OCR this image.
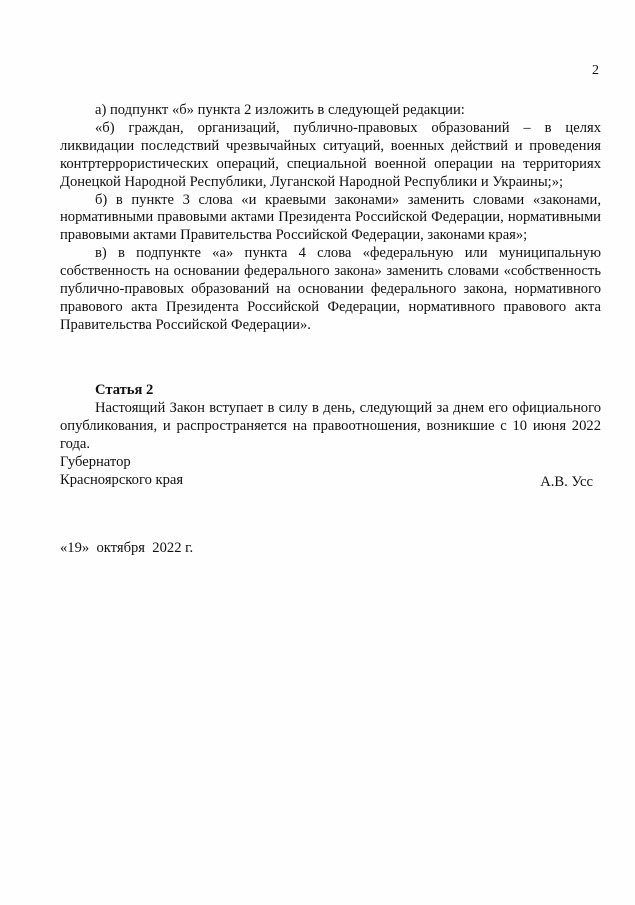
2

а) подпункт «б» пункта 2 изложить в следующей редакции:

«б) граждан, организаций, публично-правовых образований – в целях ликвидации последствий чрезвычайных ситуаций, военных действий и проведения контртеррористических операций, специальной военной операции на территориях Донецкой Народной Республики, Луганской Народной Республики и Украины;»;

б) в пункте 3 слова «и краевыми законами» заменить словами «законами, нормативными правовыми актами Президента Российской Федерации, нормативными правовыми актами Правительства Российской Федерации, законами края»;

в) в подпункте «а» пункта 4 слова «федеральную или муниципальную собственность на основании федерального закона» заменить словами «собственность публично-правовых образований на основании федерального закона, нормативного правового акта Президента Российской Федерации, нормативного правового акта Правительства Российской Федерации».

Статья 2

Настоящий Закон вступает в силу в день, следующий за днем его официального опубликования, и распространяется на правоотношения, возникшие с 10 июня 2022 года.

Губернатор
Красноярского края	А.В. Усс
«19»  октября  2022 г.
